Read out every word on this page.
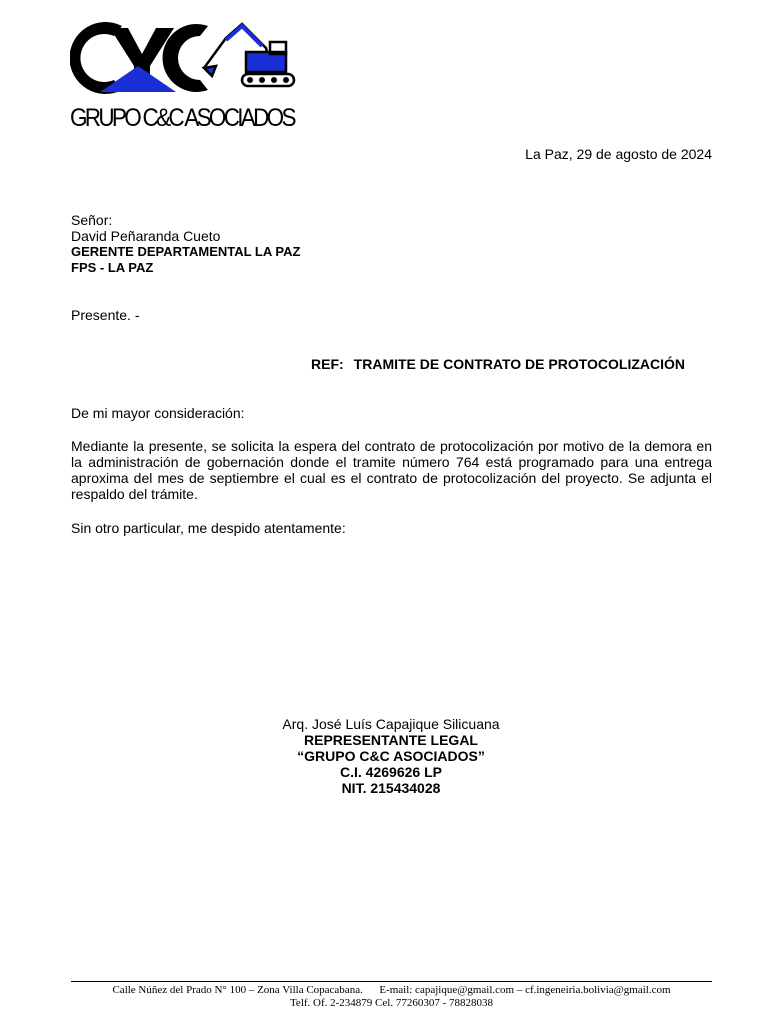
GRUPO C&C ASOCIADOS
La Paz, 29 de agosto de 2024
Señor:
David Peñaranda Cueto
GERENTE DEPARTAMENTAL LA PAZ
FPS - LA PAZ
Presente. -
REF: TRAMITE DE CONTRATO DE PROTOCOLIZACIÓN
De mi mayor consideración:
Mediante la presente, se solicita la espera del contrato de protocolización por motivo de la demora en la administración de gobernación donde el tramite número 764 está programado para una entrega aproxima del mes de septiembre el cual es el contrato de protocolización del proyecto. Se adjunta el respaldo del trámite.
Sin otro particular, me despido atentamente:
Arq. José Luís Capajique Silicuana
REPRESENTANTE LEGAL
“GRUPO C&C ASOCIADOS”
C.I. 4269626 LP
NIT. 215434028
Calle Núñez del Prado N° 100 – Zona Villa Copacabana.      E-mail: capajique@gmail.com – cf.ingeneiria.bolivia@gmail.com
Telf. Of. 2-234879 Cel. 77260307 - 78828038
